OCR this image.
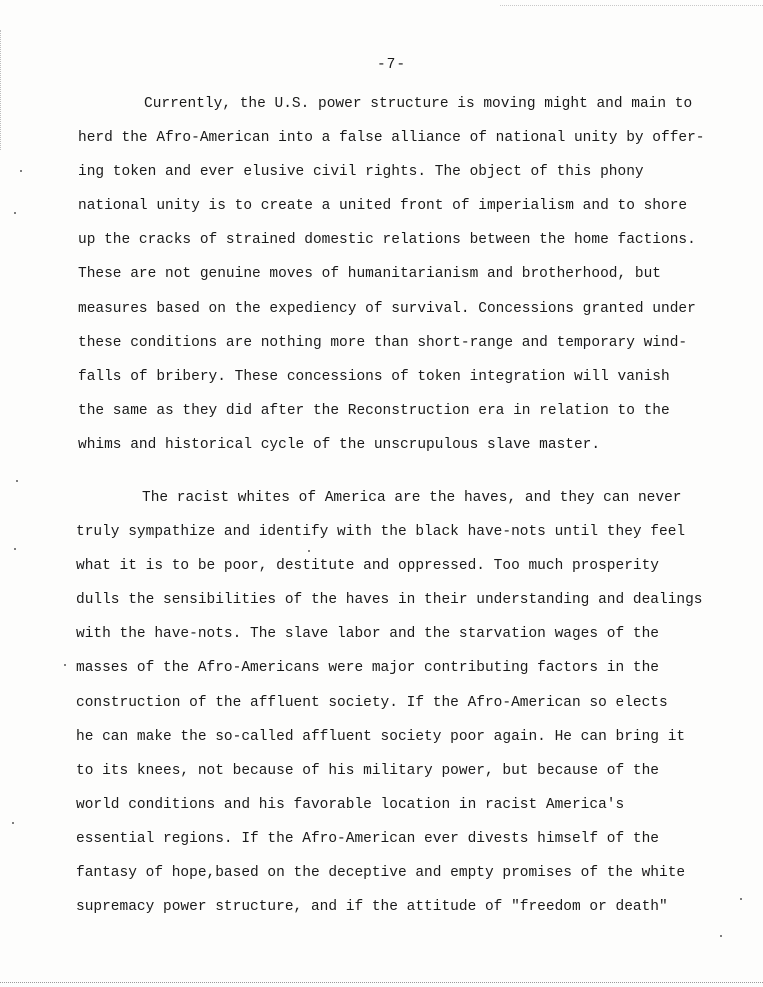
-7-
Currently, the U.S. power structure is moving might and main to
herd the Afro-American into a false alliance of national unity by offer-
ing token and ever elusive civil rights. The object of this phony
national unity is to create a united front of imperialism and to shore
up the cracks of strained domestic relations between the home factions.
These are not genuine moves of humanitarianism and brotherhood, but
measures based on the expediency of survival. Concessions granted under
these conditions are nothing more than short-range and temporary wind-
falls of bribery. These concessions of token integration will vanish
the same as they did after the Reconstruction era in relation to the
whims and historical cycle of the unscrupulous slave master.
The racist whites of America are the haves, and they can never
truly sympathize and identify with the black have-nots until they feel
what it is to be poor, destitute and oppressed. Too much prosperity
dulls the sensibilities of the haves in their understanding and dealings
with the have-nots. The slave labor and the starvation wages of the
masses of the Afro-Americans were major contributing factors in the
construction of the affluent society. If the Afro-American so elects
he can make the so-called affluent society poor again. He can bring it
to its knees, not because of his military power, but because of the
world conditions and his favorable location in racist America's
essential regions. If the Afro-American ever divests himself of the
fantasy of hope,based on the deceptive and empty promises of the white
supremacy power structure, and if the attitude of "freedom or death"
